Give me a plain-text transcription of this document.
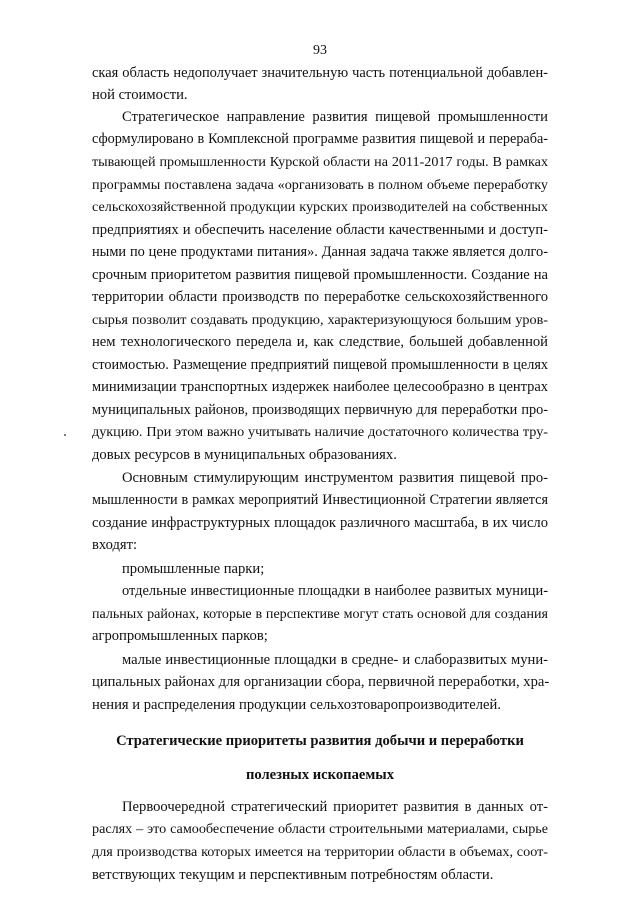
93
ская область недополучает значительную часть потенциальной добавлен-
ной стоимости.
Стратегическое направление развития пищевой промышленности
сформулировано в Комплексной программе развития пищевой и перераба-
тывающей промышленности Курской области на 2011-2017 годы. В рамках
программы поставлена задача «организовать в полном объеме переработку
сельскохозяйственной продукции курских производителей на собственных
предприятиях и обеспечить население области качественными и доступ-
ными по цене продуктами питания». Данная задача также является долго-
срочным приоритетом развития пищевой промышленности. Создание на
территории области производств по переработке сельскохозяйственного
сырья позволит создавать продукцию, характеризующуюся большим уров-
нем технологического передела и, как следствие, большей добавленной
стоимостью. Размещение предприятий пищевой промышленности в целях
минимизации транспортных издержек наиболее целесообразно в центрах
муниципальных районов, производящих первичную для переработки про-
дукцию. При этом важно учитывать наличие достаточного количества тру-
довых ресурсов в муниципальных образованиях.
Основным стимулирующим инструментом развития пищевой про-
мышленности в рамках мероприятий Инвестиционной Стратегии является
создание инфраструктурных площадок различного масштаба, в их число
входят:
промышленные парки;
отдельные инвестиционные площадки в наиболее развитых муници-
пальных районах, которые в перспективе могут стать основой для создания
агропромышленных парков;
малые инвестиционные площадки в средне- и слаборазвитых муни-
ципальных районах для организации сбора, первичной переработки, хра-
нения и распределения продукции сельхозтоваропроизводителей.
Стратегические приоритеты развития добычи и переработки
полезных ископаемых
Первоочередной стратегический приоритет развития в данных от-
раслях – это самообеспечение области строительными материалами, сырье
для производства которых имеется на территории области в объемах, соот-
ветствующих текущим и перспективным потребностям области.
